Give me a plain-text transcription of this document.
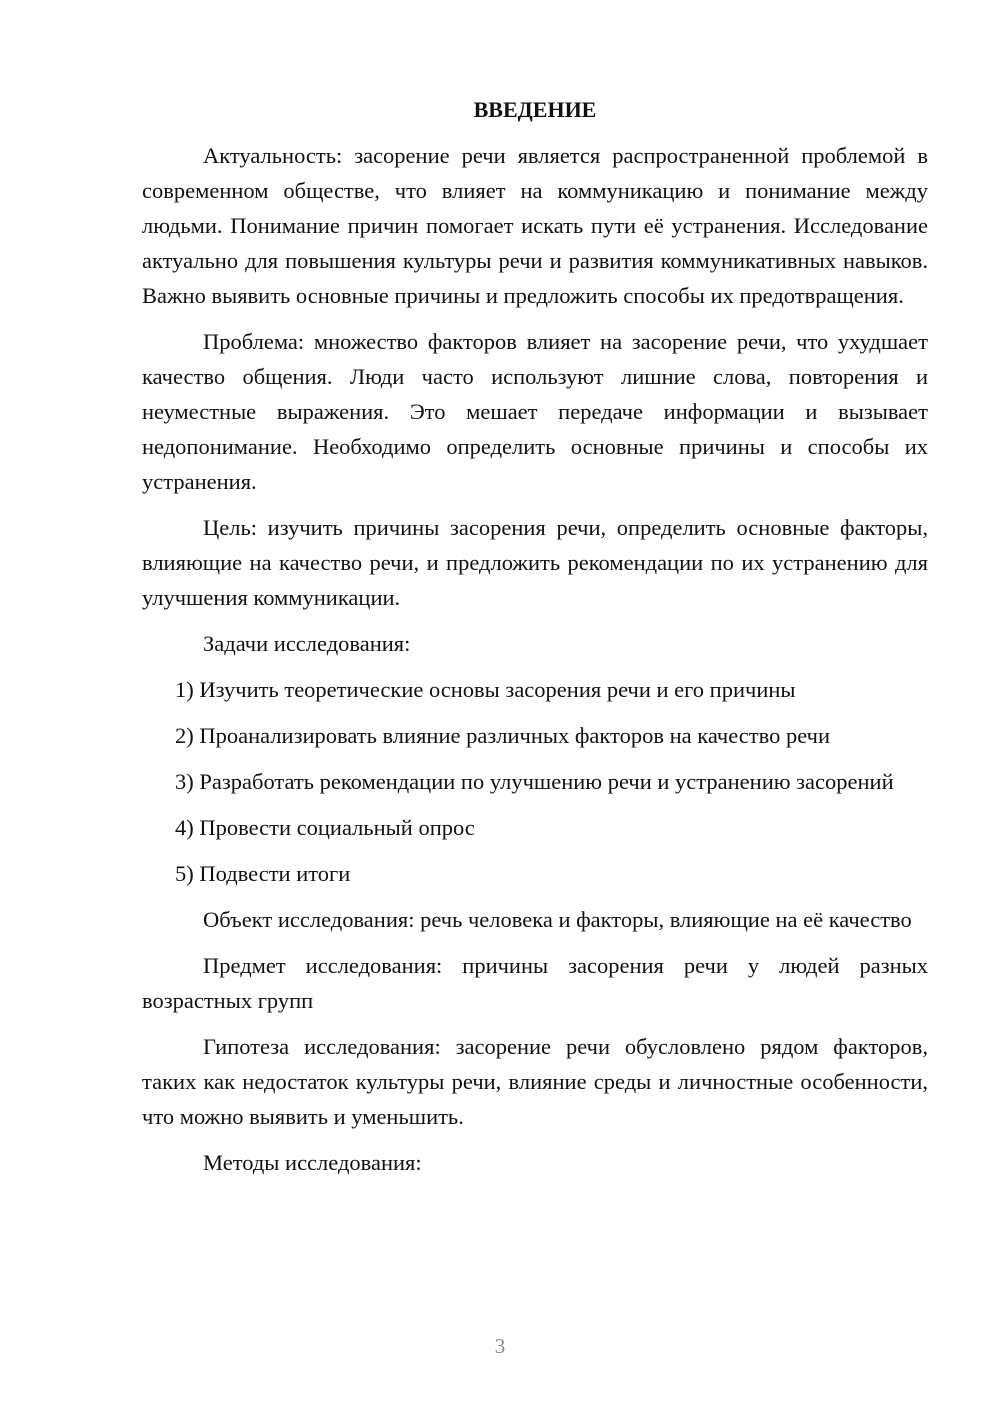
ВВЕДЕНИЕ

Актуальность: засорение речи является распространенной проблемой в современном обществе, что влияет на коммуникацию и понимание между людьми. Понимание причин помогает искать пути её устранения. Исследование актуально для повышения культуры речи и развития коммуникативных навыков. Важно выявить основные причины и предложить способы их предотвращения.

Проблема: множество факторов влияет на засорение речи, что ухудшает качество общения. Люди часто используют лишние слова, повторения и неуместные выражения. Это мешает передаче информации и вызывает недопонимание. Необходимо определить основные причины и способы их устранения.

Цель: изучить причины засорения речи, определить основные факторы, влияющие на качество речи, и предложить рекомендации по их устранению для улучшения коммуникации.

Задачи исследования:

1) Изучить теоретические основы засорения речи и его причины

2) Проанализировать влияние различных факторов на качество речи

3) Разработать рекомендации по улучшению речи и устранению засорений

4) Провести социальный опрос

5) Подвести итоги

Объект исследования: речь человека и факторы, влияющие на её качество

Предмет исследования: причины засорения речи у людей разных возрастных групп

Гипотеза исследования: засорение речи обусловлено рядом факторов, таких как недостаток культуры речи, влияние среды и личностные особенности, что можно выявить и уменьшить.

Методы исследования:

3
